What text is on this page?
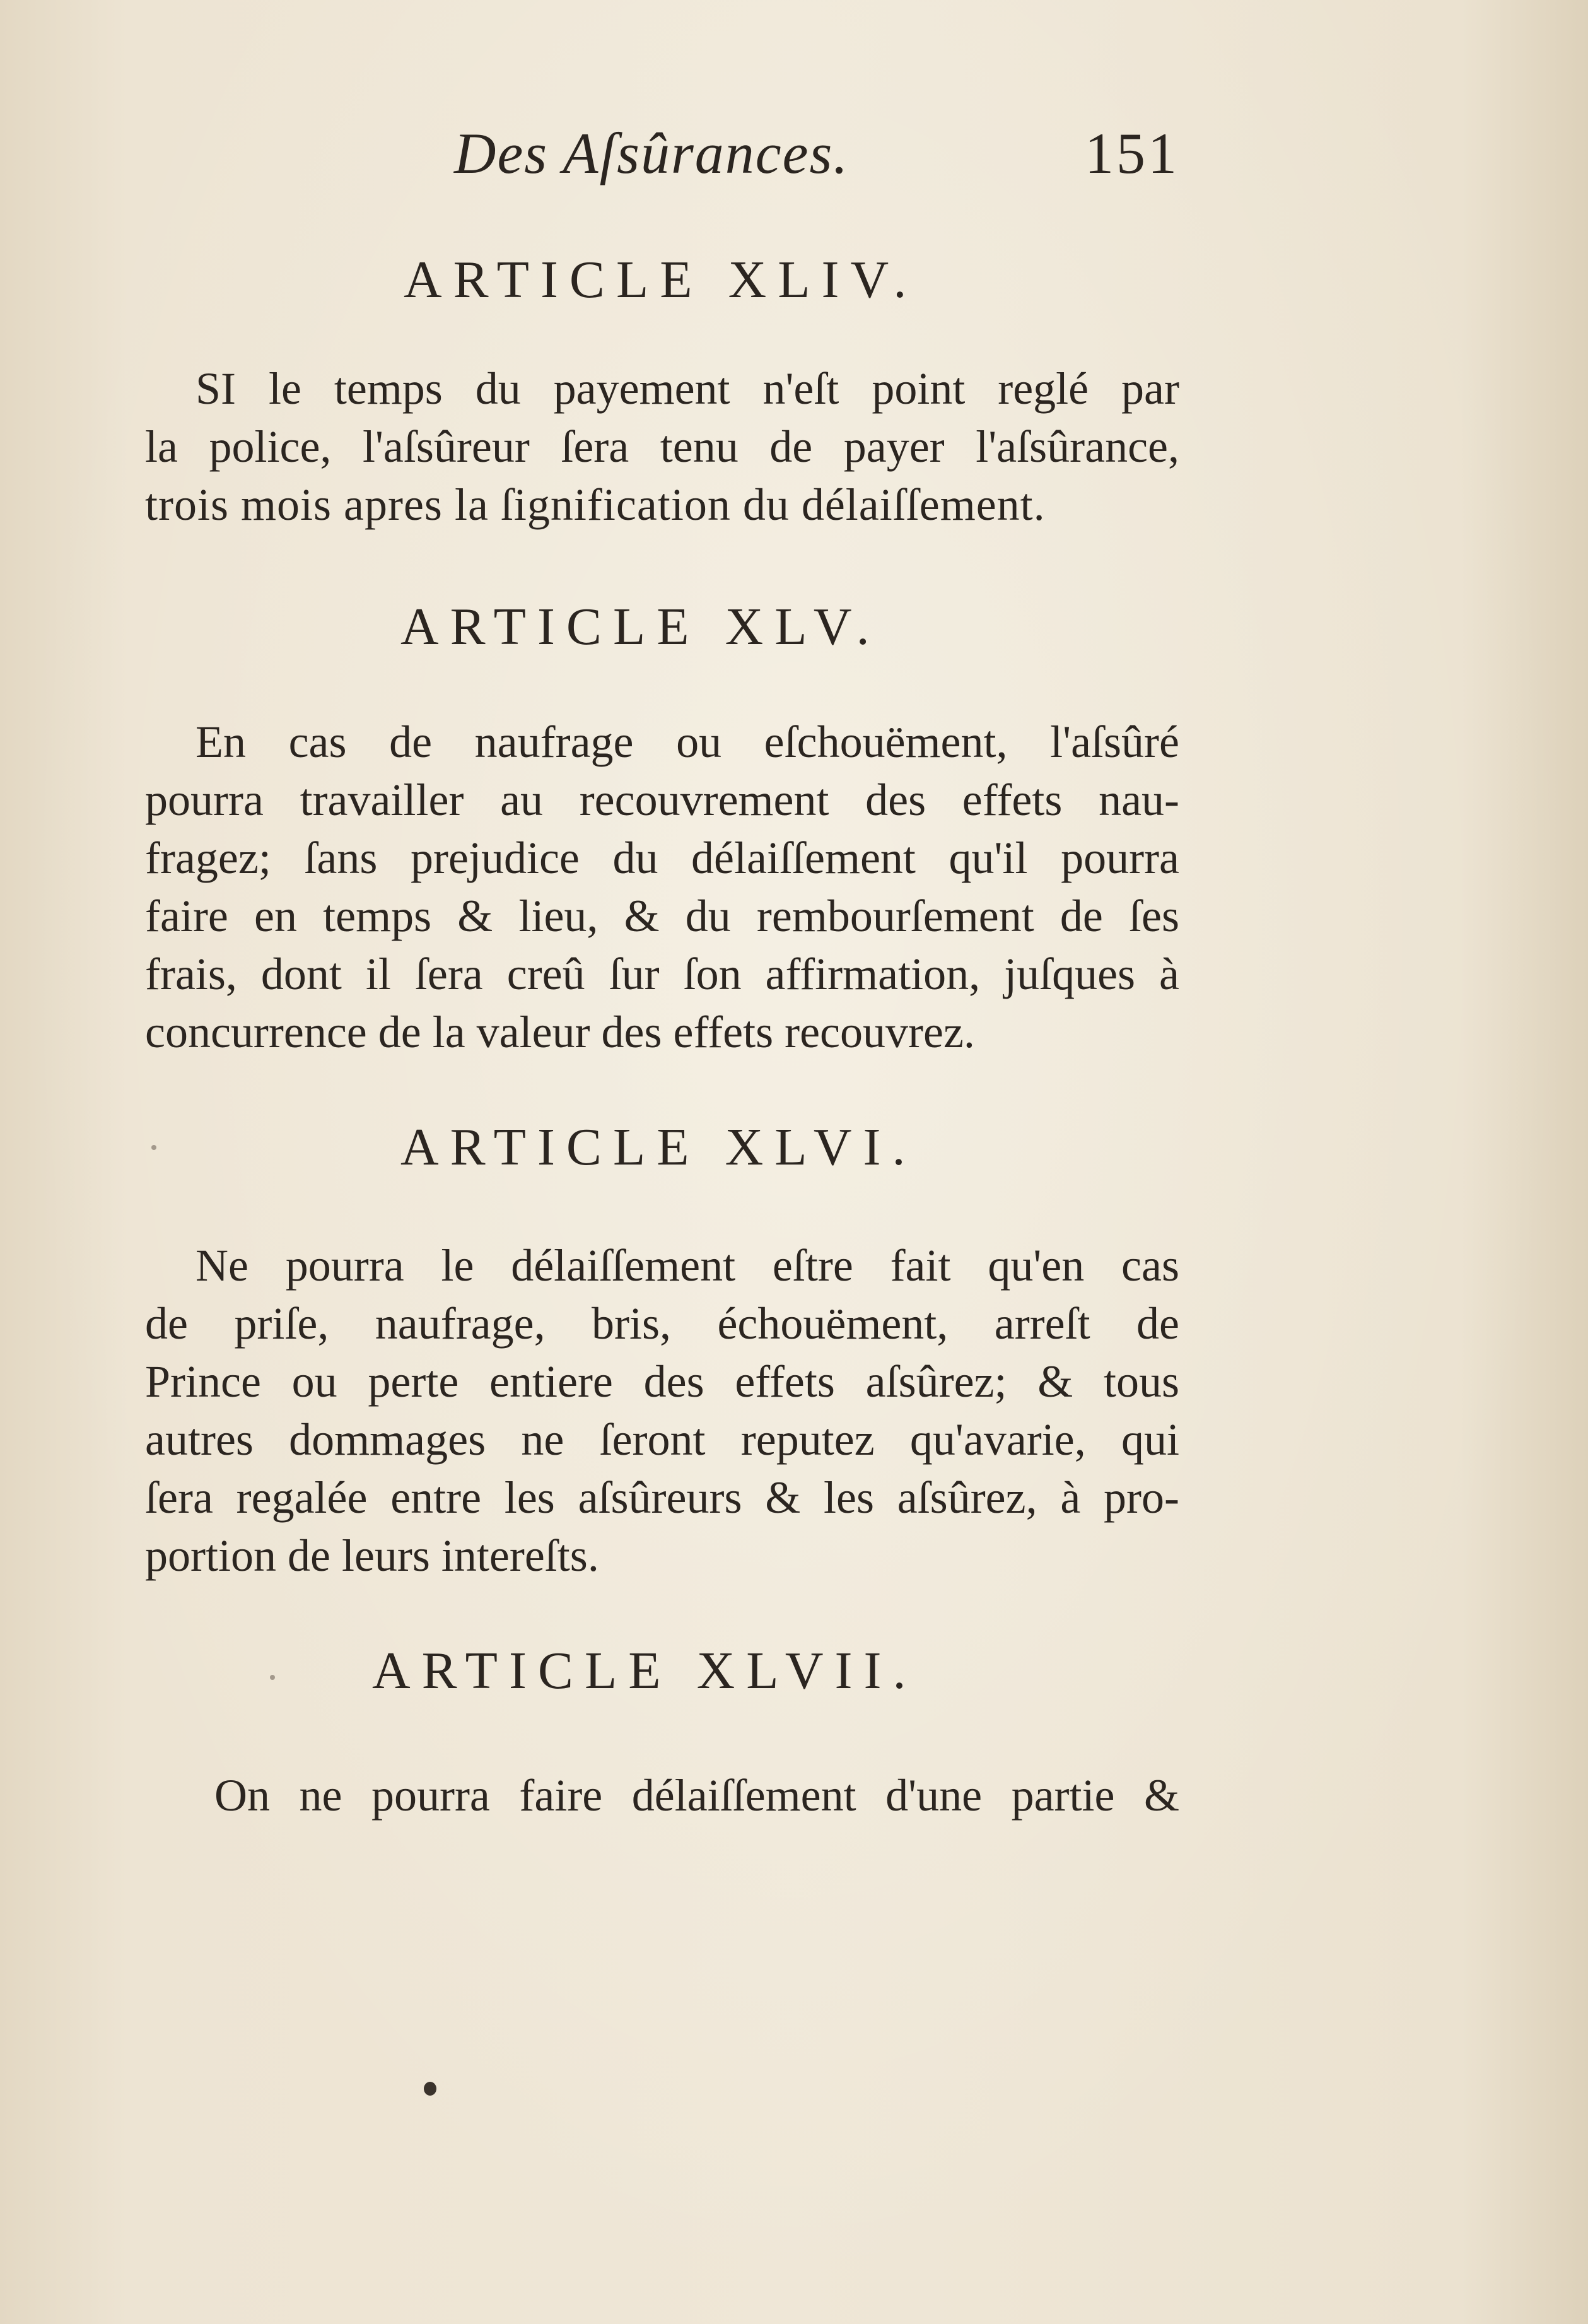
Des Aſsûrances.	151
ARTICLE XLIV.
SI le temps du payement n'eſt point reglé par
la police, l'aſsûreur ſera tenu de payer l'aſsûrance,
trois mois apres la ſignification du délaiſſement.
ARTICLE XLV.
En cas de naufrage ou eſchouëment, l'aſsûré
pourra travailler au recouvrement des effets nau-
fragez; ſans prejudice du délaiſſement qu'il pourra
faire en temps & lieu, & du rembourſement de ſes
frais, dont il ſera creû ſur ſon affirmation, juſques à
concurrence de la valeur des effets recouvrez.
ARTICLE XLVI.
Ne pourra le délaiſſement eſtre fait qu'en cas
de priſe, naufrage, bris, échouëment, arreſt de
Prince ou perte entiere des effets aſsûrez; & tous
autres dommages ne ſeront reputez qu'avarie, qui
ſera regalée entre les aſsûreurs & les aſsûrez, à pro-
portion de leurs intereſts.
ARTICLE XLVII.
On ne pourra faire délaiſſement d'une partie &
